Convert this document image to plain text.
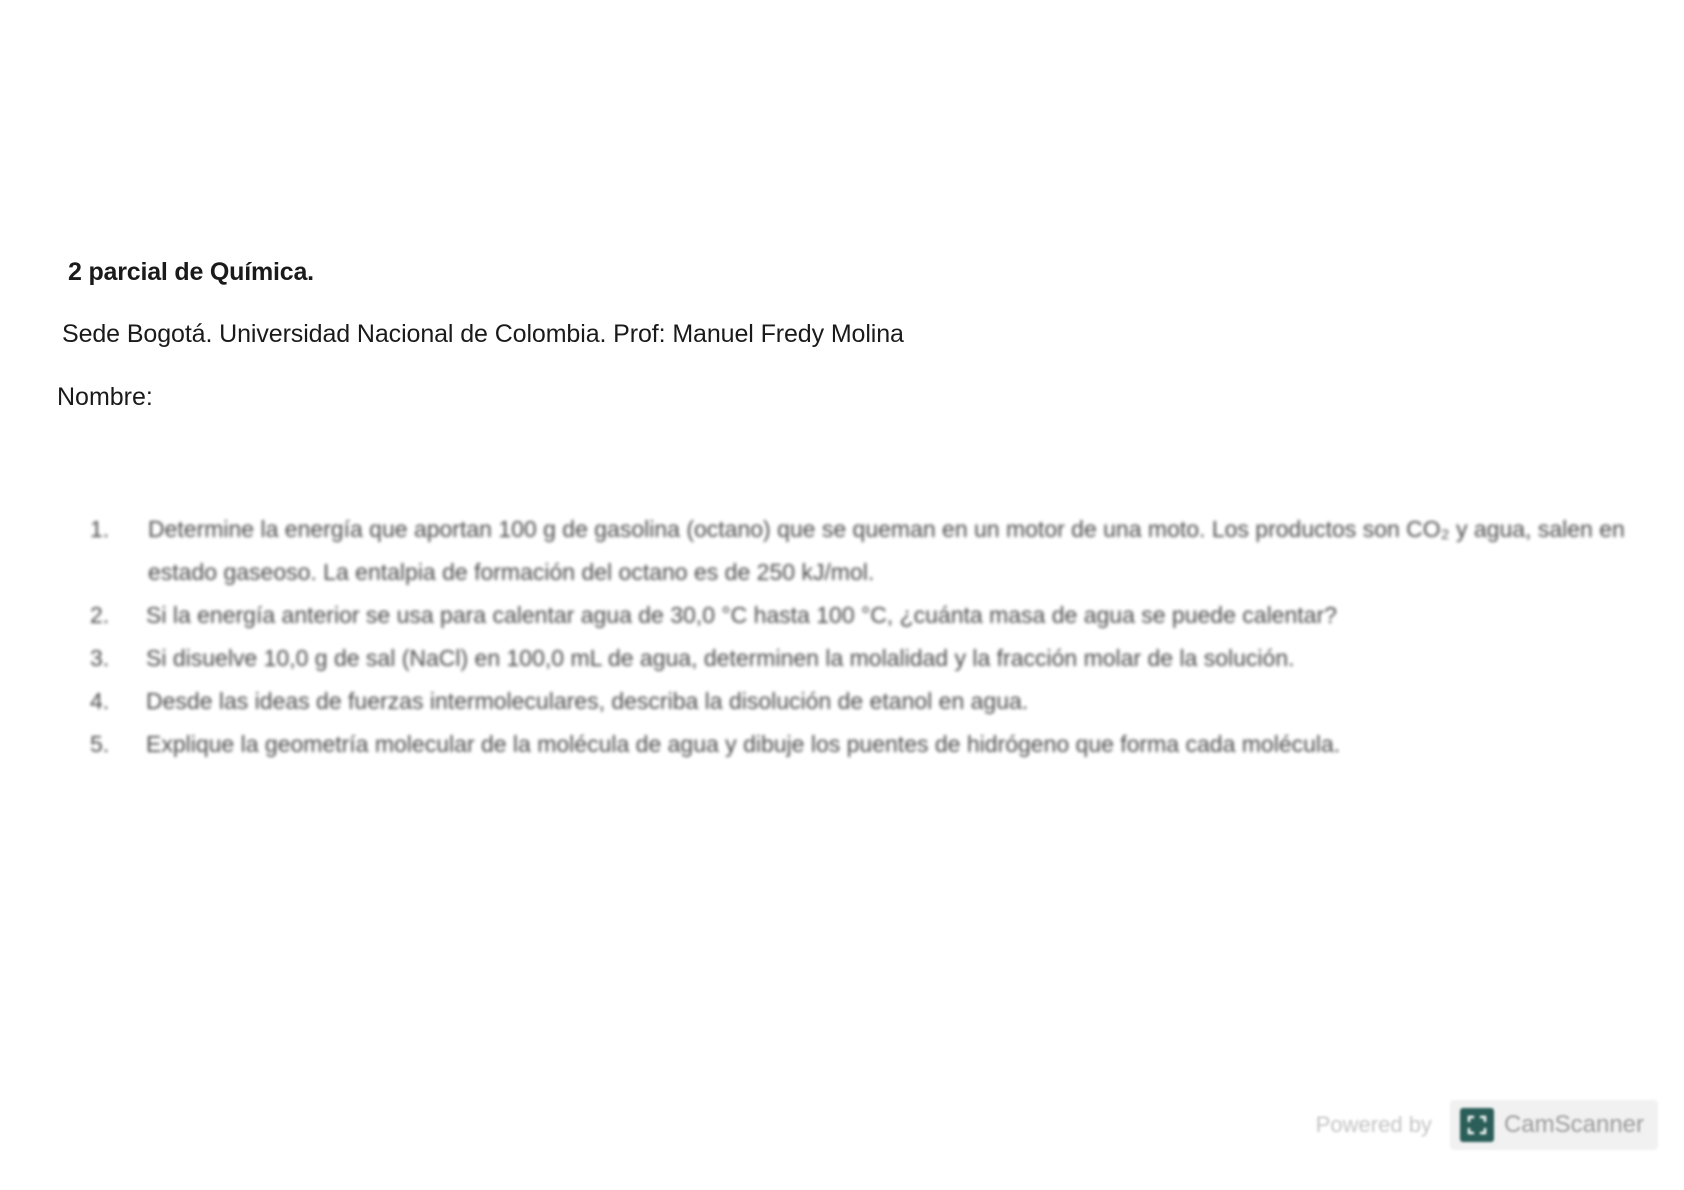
2 parcial de Química.
Sede Bogotá. Universidad Nacional de Colombia. Prof: Manuel Fredy Molina
Nombre:
1.	Determine la energía que aportan 100 g de gasolina (octano) que se queman en un motor de una moto. Los productos son CO₂ y agua, salen en estado gaseoso. La entalpia de formación del octano es de 250 kJ/mol.
2.	Si la energía anterior se usa para calentar agua de 30,0 °C hasta 100 °C, ¿cuánta masa de agua se puede calentar?
3.	Si disuelve 10,0 g de sal (NaCl) en 100,0 mL de agua, determinen la molalidad y la fracción molar de la solución.
4.	Desde las ideas de fuerzas intermoleculares, describa la disolución de etanol en agua.
5.	Explique la geometría molecular de la molécula de agua y dibuje los puentes de hidrógeno que forma cada molécula.
Powered by	CamScanner
